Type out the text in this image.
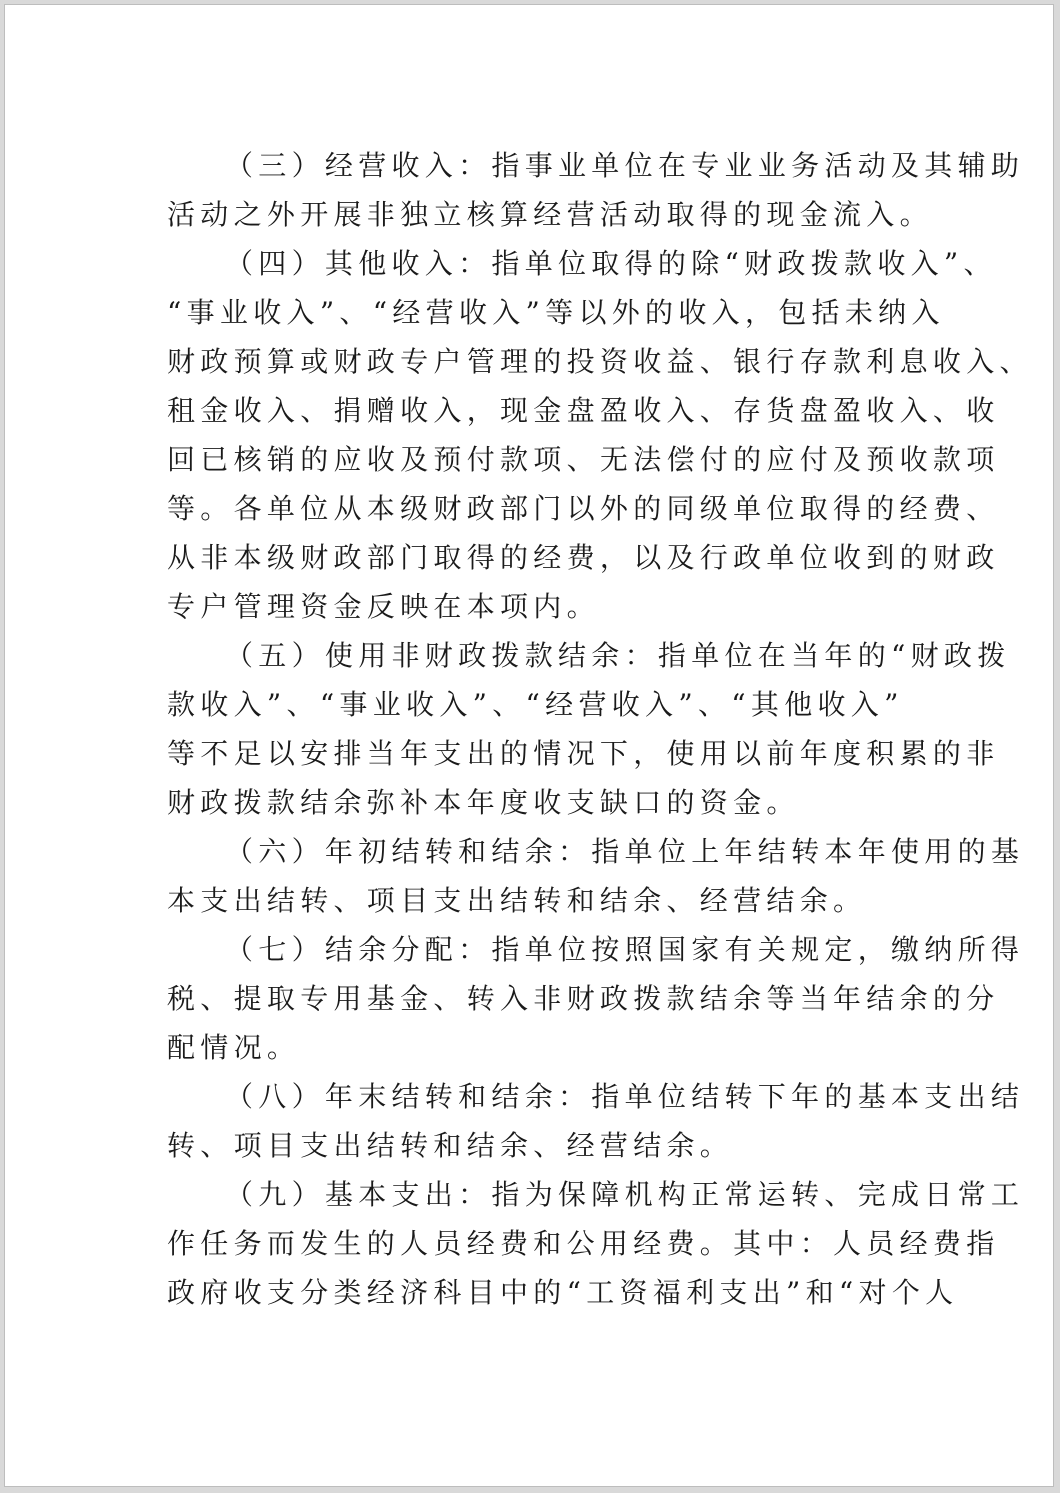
（三）经营收入：指事业单位在专业业务活动及其辅助
活动之外开展非独立核算经营活动取得的现金流入。
（四）其他收入：指单位取得的除“财政拨款收入”、
“事业收入”、“经营收入”等以外的收入，包括未纳入
财政预算或财政专户管理的投资收益、银行存款利息收入、
租金收入、捐赠收入，现金盘盈收入、存货盘盈收入、收
回已核销的应收及预付款项、无法偿付的应付及预收款项
等。各单位从本级财政部门以外的同级单位取得的经费、
从非本级财政部门取得的经费，以及行政单位收到的财政
专户管理资金反映在本项内。
（五）使用非财政拨款结余：指单位在当年的“财政拨
款收入”、“事业收入”、“经营收入”、“其他收入”
等不足以安排当年支出的情况下，使用以前年度积累的非
财政拨款结余弥补本年度收支缺口的资金。
（六）年初结转和结余：指单位上年结转本年使用的基
本支出结转、项目支出结转和结余、经营结余。
（七）结余分配：指单位按照国家有关规定，缴纳所得
税、提取专用基金、转入非财政拨款结余等当年结余的分
配情况。
（八）年末结转和结余：指单位结转下年的基本支出结
转、项目支出结转和结余、经营结余。
（九）基本支出：指为保障机构正常运转、完成日常工
作任务而发生的人员经费和公用经费。其中：人员经费指
政府收支分类经济科目中的“工资福利支出”和“对个人
